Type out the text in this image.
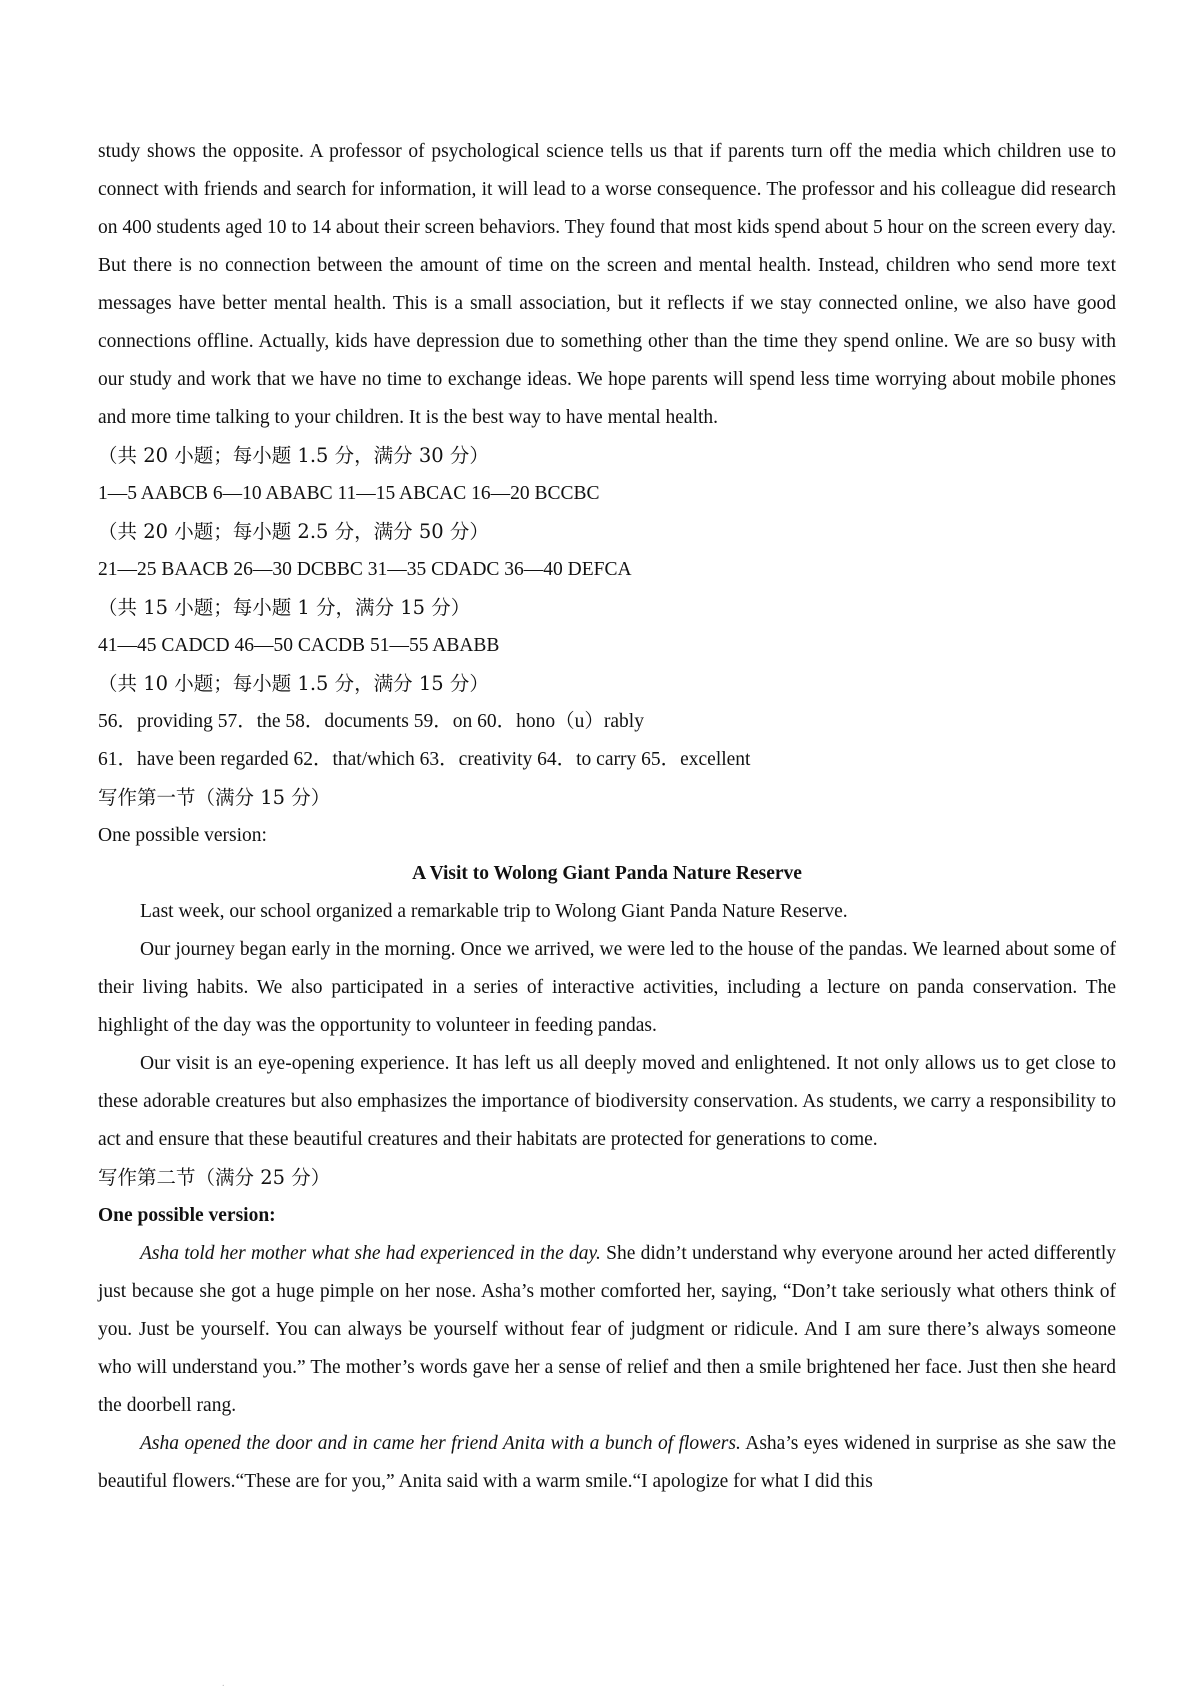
study shows the opposite. A professor of psychological science tells us that if parents turn off the media which children use to connect with friends and search for information, it will lead to a worse consequence. The professor and his colleague did research on 400 students aged 10 to 14 about their screen behaviors. They found that most kids spend about 5 hour on the screen every day. But there is no connection between the amount of time on the screen and mental health. Instead, children who send more text messages have better mental health. This is a small association, but it reflects if we stay connected online, we also have good connections offline. Actually, kids have depression due to something other than the time they spend online. We are so busy with our study and work that we have no time to exchange ideas. We hope parents will spend less time worrying about mobile phones and more time talking to your children. It is the best way to have mental health.

（共 20 小题；每小题 1.5 分，满分 30 分）
1—5 AABCB 6—10 ABABC 11—15 ABCAC 16—20 BCCBC
（共 20 小题；每小题 2.5 分，满分 50 分）
21—25 BAACB 26—30 DCBBC 31—35 CDADC 36—40 DEFCA
（共 15 小题；每小题 1 分，满分 15 分）
41—45 CADCD 46—50 CACDB 51—55 ABABB
（共 10 小题；每小题 1.5 分，满分 15 分）
56．providing 57．the 58．documents 59．on 60．hono（u）rably
61．have been regarded 62．that/which 63．creativity 64．to carry 65．excellent
写作第一节（满分 15 分）
One possible version:

A Visit to Wolong Giant Panda Nature Reserve

Last week, our school organized a remarkable trip to Wolong Giant Panda Nature Reserve.

Our journey began early in the morning. Once we arrived, we were led to the house of the pandas. We learned about some of their living habits. We also participated in a series of interactive activities, including a lecture on panda conservation. The highlight of the day was the opportunity to volunteer in feeding pandas.

Our visit is an eye-opening experience. It has left us all deeply moved and enlightened. It not only allows us to get close to these adorable creatures but also emphasizes the importance of biodiversity conservation. As students, we carry a responsibility to act and ensure that these beautiful creatures and their habitats are protected for generations to come.

写作第二节（满分 25 分）
One possible version:

Asha told her mother what she had experienced in the day. She didn’t understand why everyone around her acted differently just because she got a huge pimple on her nose. Asha’s mother comforted her, saying, “Don’t take seriously what others think of you. Just be yourself. You can always be yourself without fear of judgment or ridicule. And I am sure there’s always someone who will understand you.” The mother’s words gave her a sense of relief and then a smile brightened her face. Just then she heard the doorbell rang.

Asha opened the door and in came her friend Anita with a bunch of flowers. Asha’s eyes widened in surprise as she saw the beautiful flowers.“These are for you,” Anita said with a warm smile.“I apologize for what I did this

.
